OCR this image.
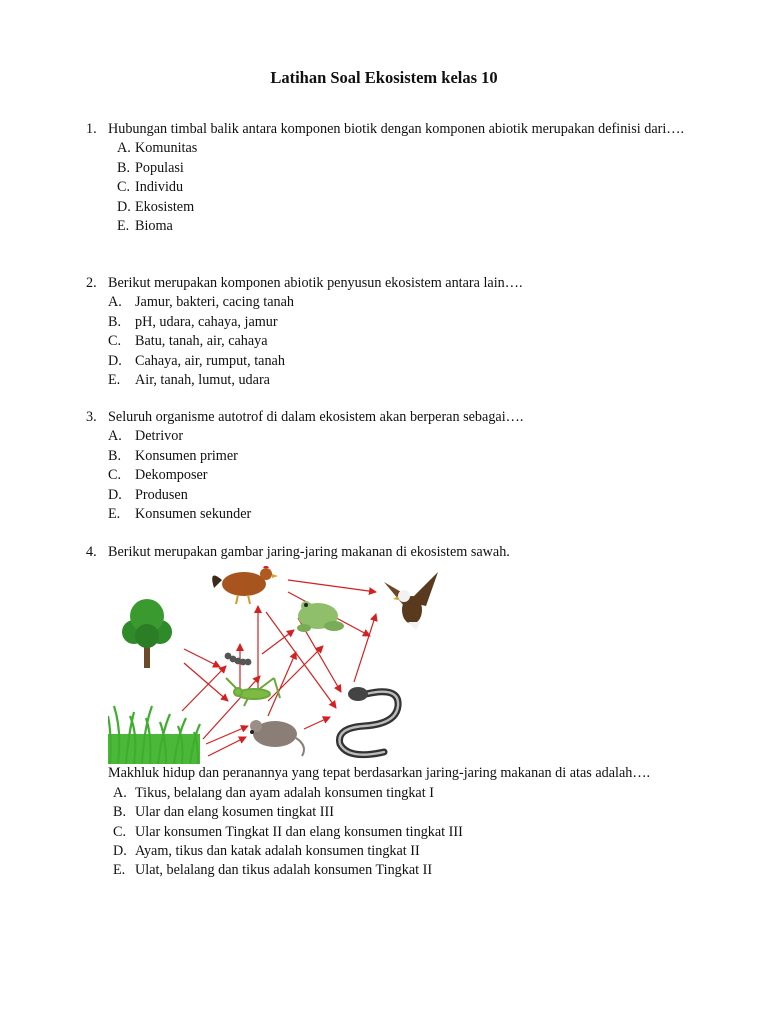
Latihan Soal Ekosistem kelas 10
1. Hubungan timbal balik antara komponen biotik dengan komponen abiotik merupakan definisi dari….
A. Komunitas
B. Populasi
C. Individu
D. Ekosistem
E. Bioma
2. Berikut merupakan komponen abiotik penyusun ekosistem antara lain….
A. Jamur, bakteri, cacing tanah
B. pH, udara, cahaya, jamur
C. Batu, tanah, air, cahaya
D. Cahaya, air, rumput, tanah
E.	Air, tanah, lumut, udara
3. Seluruh organisme autotrof di dalam ekosistem akan berperan sebagai….
A. Detrivor
B. Konsumen primer
C. Dekomposer
D. Produsen
E.	Konsumen sekunder
4. Berikut merupakan gambar jaring-jaring makanan di ekosistem sawah.
Makhluk hidup dan peranannya yang tepat berdasarkan jaring-jaring makanan di atas adalah….
A. Tikus, belalang dan ayam adalah konsumen tingkat I
B. Ular dan elang kosumen tingkat III
C. Ular konsumen Tingkat II dan elang konsumen tingkat III
D. Ayam, tikus dan katak adalah konsumen tingkat II
E. Ulat, belalang dan tikus adalah konsumen Tingkat II
